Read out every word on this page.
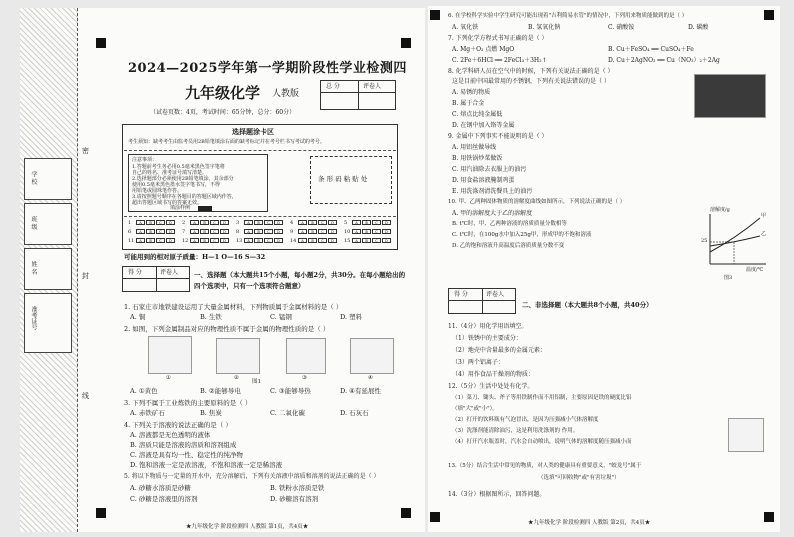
学 校
班 级
姓 名
准考证号
密
封
线
2024—2025学年第一学期阶段性学业检测四
九年级化学 人教版
（试卷页数：4页，考试时间：65分钟，总分：60分）
总 分	评卷人
选择题涂卡区
考生须知：缺考考生由监考员用2B铅笔填涂右面的缺考标记并在考号栏书写考试的考号。
注意事项：
1.答题前考生务必用0.5毫米黑色签字笔将
自己的姓名、准考证号填写清楚。
2.选择题部分必须使用2B铅笔填涂，其余部分
使用0.5毫米黑色墨水签字笔书写，不得
用铅笔或圆珠笔作答。
3.请按照题号顺序在各题目的答题区域内作答，
超出答题区域书写的答案无效。
填涂样例
条 形 码 粘 贴 处
1 A B C D	2 A B C D	3 A B C D	4 A B C D	5 A B C D
6 A B C D	7 A B C D	8 A B C D	9 A B C D	10 A B C D
11 A B C D	12 A B C D	13 A B C D	14 A B C D	15 A B C D
可能用到的相对原子质量：H—1 O—16 S—32
得 分	评卷人 一、选择题（本大题共15个小题，每小题2分，共30分。在每小题给出的
四个选项中，只有一个选项符合题意）
1. 石家庄市地铁建设运用了大量金属材料，下列物质属于金属材料的是（ ）
A. 铜	B. 生铁	C. 锰钢	D. 塑料
2. 如图，下列金属制品对应的物理性质不属于金属的物理性质的是（ ）
①	②	③	④
图1
A. ①黄色	B. ②能够导电	C. ③能够导热	D. ④有延展性
3. 下列不属于工业炼铁的主要原料的是（ ）
A. 赤铁矿石	B. 焦炭	C. 二氧化碳	D. 石灰石
4. 下列关于溶液的说法正确的是（ ）
A. 溶液都是无色透明的液体
B. 溶质只能是溶液的溶质和溶剂组成
C. 溶液是具有均一性、稳定性的纯净物
D. 饱和溶液一定是浓溶液，不饱和溶液一定是稀溶液
5. 将以下物质与一定量的开水中，充分溶解后，下列有关溶液中溶质和溶剂的说法正确的是（ ）
A. 砂糖水溶质是砂糖	B. 铁粉水溶质是铁
C. 砂糖是溶液里的溶剂	D. 砂糖溶有溶剂
★九年级化学 阶段检测四 人教版 第1页，共4页★
6. 在学校科学实验中学生研究可能出现着"吉利简易水管"的情况中，下列用来物质能做到的是（ ）
A. 氧化铁	B. 氢氧化钠	C. 硝酸铵	D. 碳酸
7. 下列化学方程式书写正确的是（ ）
A. Mg＋O₂ 点燃 MgO	B. Cu＋FeSO₄ ══ CuSO₄＋Fe
C. 2Fe＋6HCl ══ 2FeCl₃＋3H₂↑	D. Cu＋2AgNO₃ ══ Cu（NO₃）₂＋2Ag
8. 化学科研人员在空气中的时候，下列有关说法正确的是（ ）
这是目前中国最常用的不锈钢，下列有关说法错误的是（ ）
A. 易锈的物质
B. 属于合金
C. 熔点比纯金属低
D. 在钢中加入铬等金属
9. 金属中下列事实不能说明的是（ ）
A. 用铝丝做导线
B. 用铁锅炒菜做饭
C. 用汽油除去衣服上的油污
D. 用食盐溶液腌制鸡蛋
E. 用洗涤剂清洗餐具上的油污
10. 甲、乙两种固体物质的溶解度曲线如图所示，下列说法正确的是（ ）
A. 甲的溶解度大于乙的溶解度
B. t℃时，甲、乙两种溶液的溶质质量分数相等
C. t℃时，在100g水中加入25g甲，形成甲的不饱和溶液
D. 乙的饱和溶液升高温度后溶质质量分数不变
溶解度/g
25
甲
乙
温度/℃
图3
得 分	评卷人
二、非选择题（本大题共8个小题，共40分）
11.（4分）用化学用语填空。
（1）铁锈中的主要成分：
（2）地壳中含量最多的金属元素：
（3）两个铝离子：
（4）用作食品干燥剂的物质：
12.（5分）生活中处处有化学。
（1）菜刀、锄头、斧子等用铁制作而不用铝制，主要原因是铁的硬度比铝
（填"大"或"小"）。
（2）打开的饮料瓶有气泡冒出，是因为压强减小气体溶解度
（3）洗涤剂能清除油污，这是利用洗涤剂的 作用。
（4）打开汽水瓶盖时，汽水会自动喷出，说明气体的溶解度随压强减小而
13.（5分）结合生活中常见的物质，对人类的健康具有重要意义，"蛟龙号"属于
（选填"可回收物"或"有害垃圾"）
14.（3分）根据图所示，回答问题。
★九年级化学 阶段检测四 人教版 第2页，共4页★
